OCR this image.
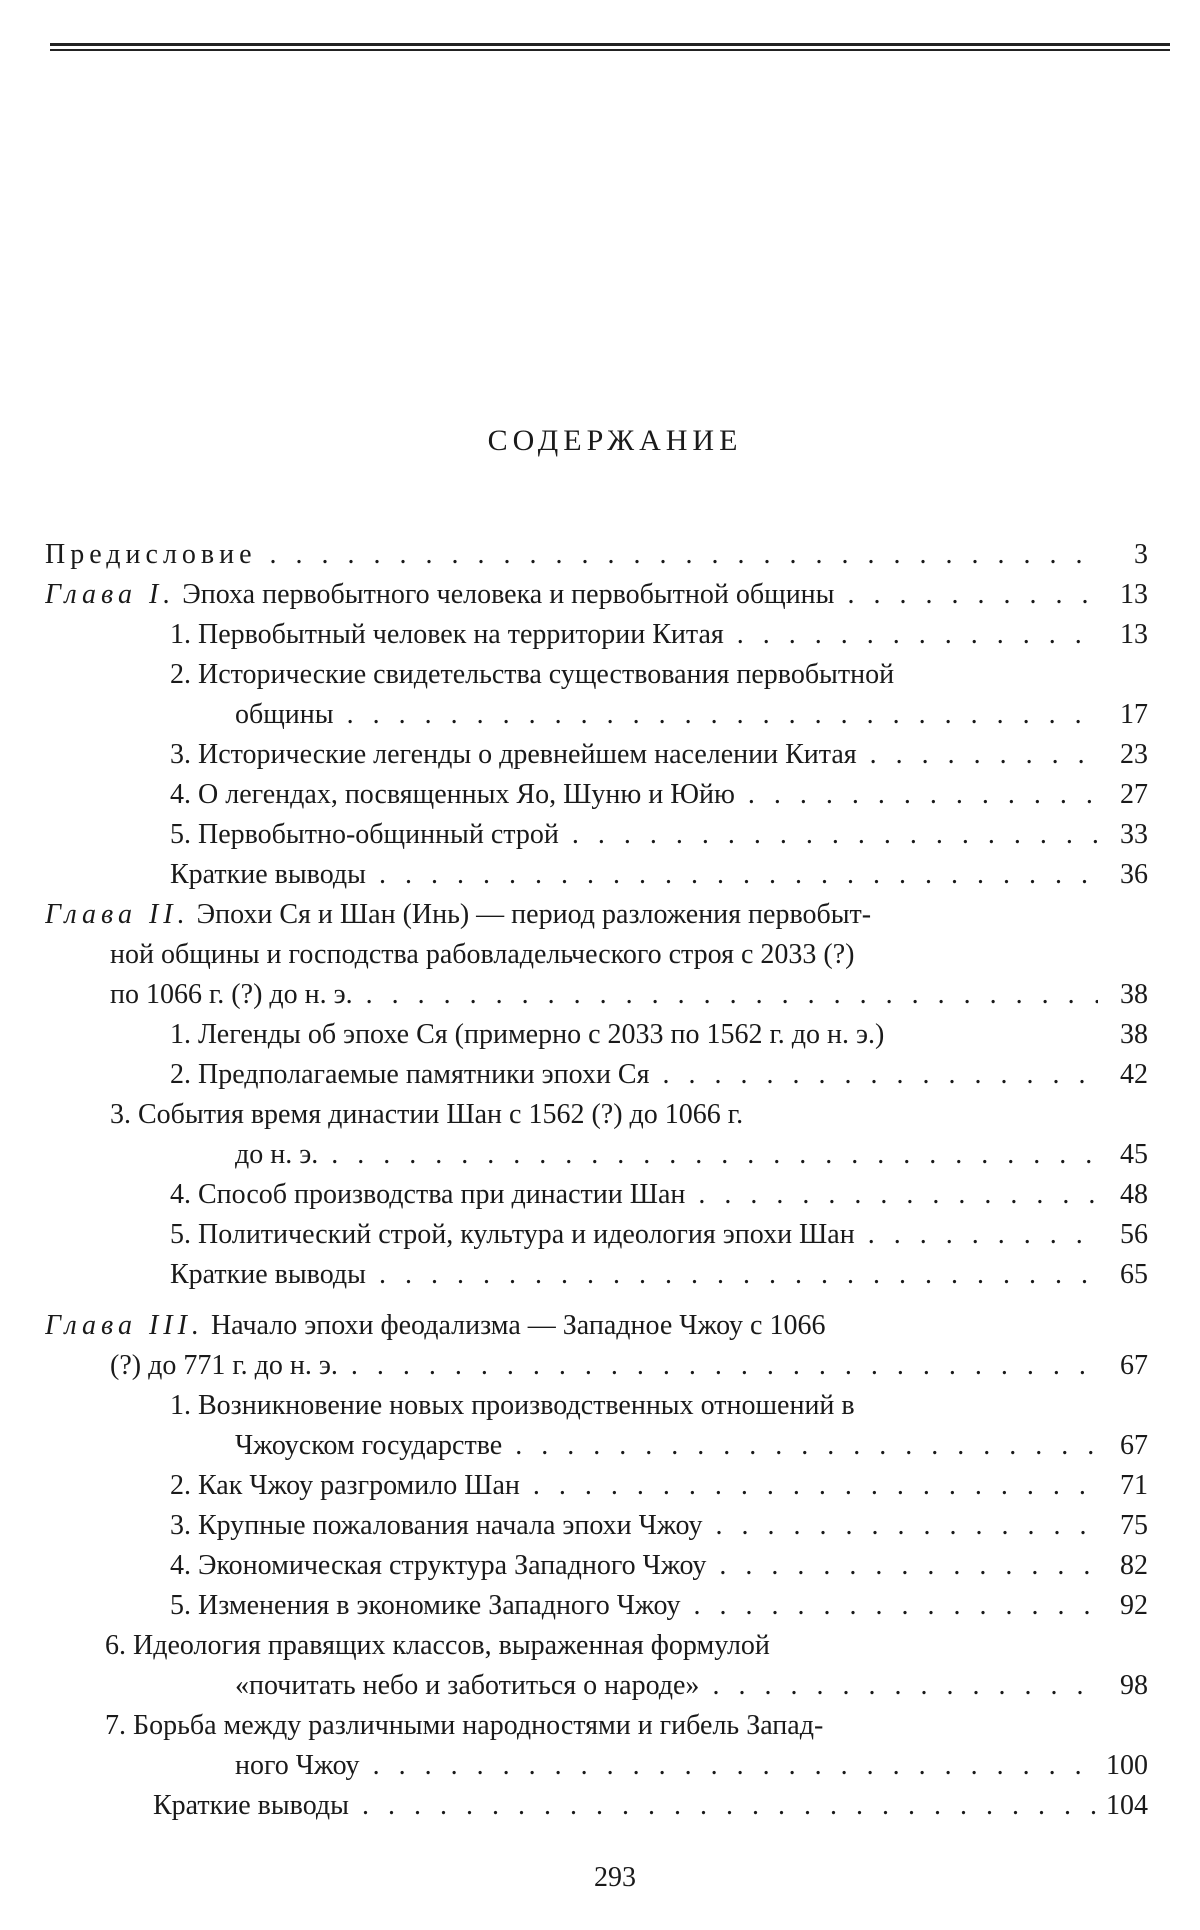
СОДЕРЖАНИЕ
Предисловие . . .	3
Глава I. Эпоха первобытного человека и первобытной общины . . .	13
1. Первобытный человек на территории Китая . . .	13
2. Исторические свидетельства существования первобытной
общины . . .	17
3. Исторические легенды о древнейшем населении Китая . . .	23
4. О легендах, посвященных Яо, Шуню и Юйю . . .	27
5. Первобытно-общинный строй . . .	33
Краткие выводы . . .	36
Глава II. Эпохи Ся и Шан (Инь) — период разложения первобыт-
ной общины и господства рабовладельческого строя с 2033 (?)
по 1066 г. (?) до н. э. . . .	38
1. Легенды об эпохе Ся (примерно с 2033 по 1562 г. до н. э.)	38
2. Предполагаемые памятники эпохи Ся . . .	42
3. События время династии Шан с 1562 (?) до 1066 г.
до н. э. . . .	45
4. Способ производства при династии Шан . . .	48
5. Политический строй, культура и идеология эпохи Шан . . .	56
Краткие выводы . . .	65
Глава III. Начало эпохи феодализма — Западное Чжоу с 1066
(?) до 771 г. до н. э. . . .	67
1. Возникновение новых производственных отношений в
Чжоуском государстве . . .	67
2. Как Чжоу разгромило Шан . . .	71
3. Крупные пожалования начала эпохи Чжоу . . .	75
4. Экономическая структура Западного Чжоу . . .	82
5. Изменения в экономике Западного Чжоу . . .	92
6. Идеология правящих классов, выраженная формулой
«почитать небо и заботиться о народе» . . .	98
7. Борьба между различными народностями и гибель Запад-
ного Чжоу . . .	100
Краткие выводы . . .	104
293
